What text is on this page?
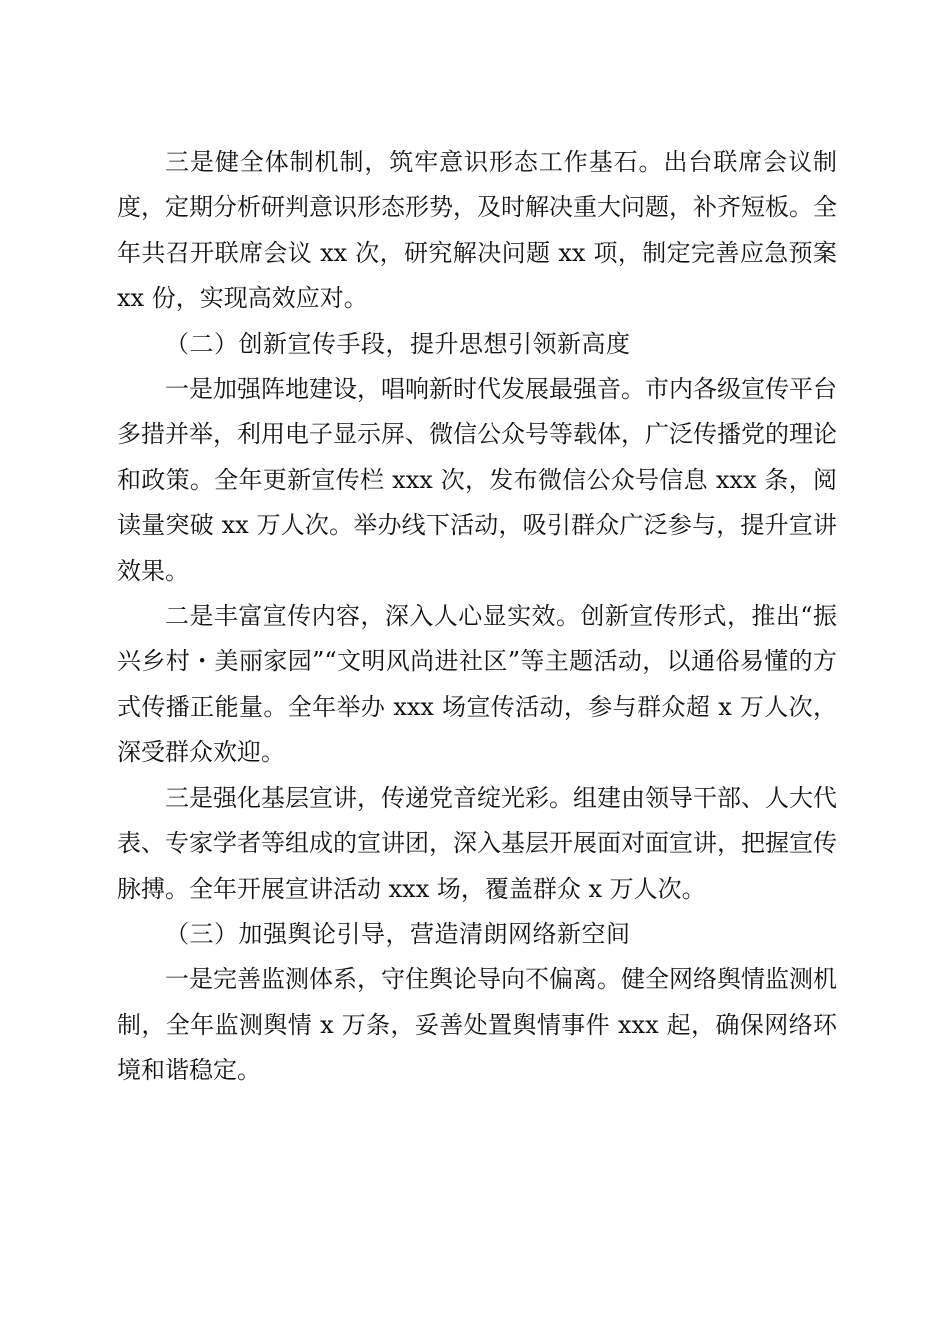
三是健全体制机制，筑牢意识形态工作基石。出台联席会议制度，定期分析研判意识形态形势，及时解决重大问题，补齐短板。全年共召开联席会议 xx 次，研究解决问题 xx 项，制定完善应急预案 xx 份，实现高效应对。

（二）创新宣传手段，提升思想引领新高度

一是加强阵地建设，唱响新时代发展最强音。市内各级宣传平台多措并举，利用电子显示屏、微信公众号等载体，广泛传播党的理论和政策。全年更新宣传栏 xxx 次，发布微信公众号信息 xxx 条，阅读量突破 xx 万人次。举办线下活动，吸引群众广泛参与，提升宣讲效果。

二是丰富宣传内容，深入人心显实效。创新宣传形式，推出“振兴乡村・美丽家园”“文明风尚进社区”等主题活动，以通俗易懂的方式传播正能量。全年举办 xxx 场宣传活动，参与群众超 x 万人次，深受群众欢迎。

三是强化基层宣讲，传递党音绽光彩。组建由领导干部、人大代表、专家学者等组成的宣讲团，深入基层开展面对面宣讲，把握宣传脉搏。全年开展宣讲活动 xxx 场，覆盖群众 x 万人次。

（三）加强舆论引导，营造清朗网络新空间

一是完善监测体系，守住舆论导向不偏离。健全网络舆情监测机制，全年监测舆情 x 万条，妥善处置舆情事件 xxx 起，确保网络环境和谐稳定。
